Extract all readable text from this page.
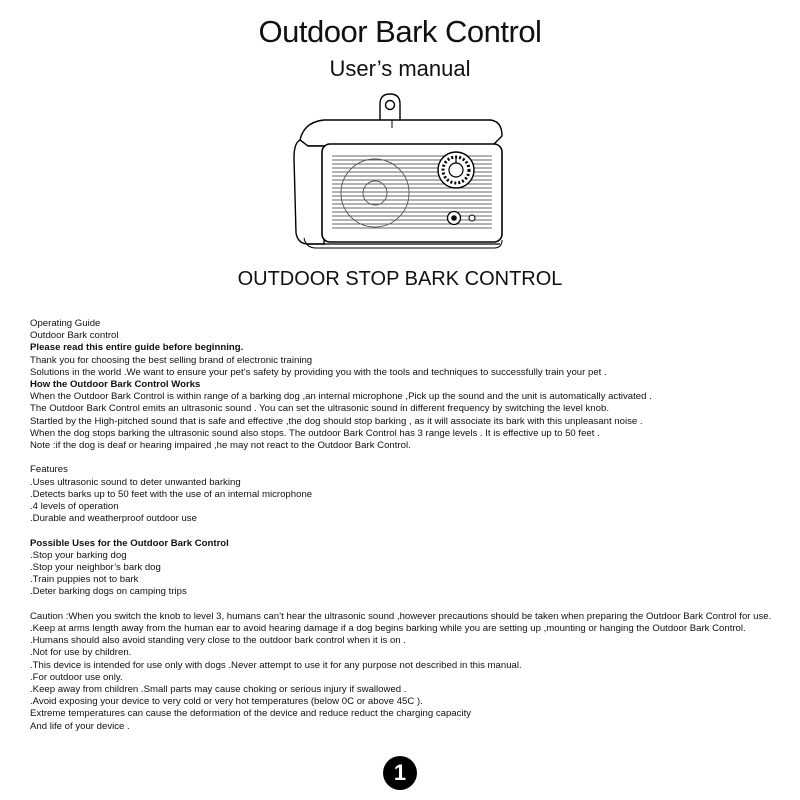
Outdoor Bark Control
User’s manual
OUTDOOR STOP BARK CONTROL
Operating Guide
Outdoor Bark control
Please read this entire guide before beginning.
Thank you for choosing the best selling brand of electronic training
Solutions in the world .We want to ensure your pet’s safety by providing you with the tools and techniques to successfully train your pet .
How the Outdoor Bark Control Works
When the Outdoor Bark Control is within range of a barking dog ,an internal microphone ,Pick up the sound and the unit is automatically activated .
The Outdoor Bark Control emits an ultrasonic sound . You can set the ultrasonic sound in different frequency by switching the level knob.
Startled by the High-pitched sound that is safe and effective ,the dog should stop barking , as it will associate its bark with this unpleasant noise .
When the dog stops barking the ultrasonic sound also stops. The outdoor Bark Control has 3 range levels . It is effective up to 50 feet .
Note :if the dog is deaf or hearing impaired ,he may not react to the Outdoor Bark Control.
Features
.Uses ultrasonic sound to deter unwanted barking
.Detects barks up to 50 feet with the use of an internal microphone
.4 levels of operation
.Durable and weatherproof outdoor use
Possible Uses for the Outdoor Bark Control
.Stop your barking dog
.Stop your neighbor’s bark dog
.Train puppies not to bark
.Deter barking dogs on camping trips
Caution :When you switch the knob to level 3, humans can’t hear the ultrasonic sound ,however precautions should be taken when preparing the Outdoor Bark Control for use.
.Keep at arms length away from the human ear to avoid hearing damage if a dog begins barking while you are setting up ,mounting or hanging the Outdoor Bark Control.
.Humans should also avoid standing very close to the outdoor bark control when it is on .
.Not for use by children.
.This device is intended for use only with dogs .Never attempt to use it for any purpose not described in this manual.
.For outdoor use only.
.Keep away from children .Small parts may cause choking or serious injury if swallowed .
.Avoid exposing your device to very cold or very hot temperatures (below 0C or above 45C ).
Extreme temperatures can cause the deformation of the device and reduce reduct the charging capacity
And life of your device .
1
